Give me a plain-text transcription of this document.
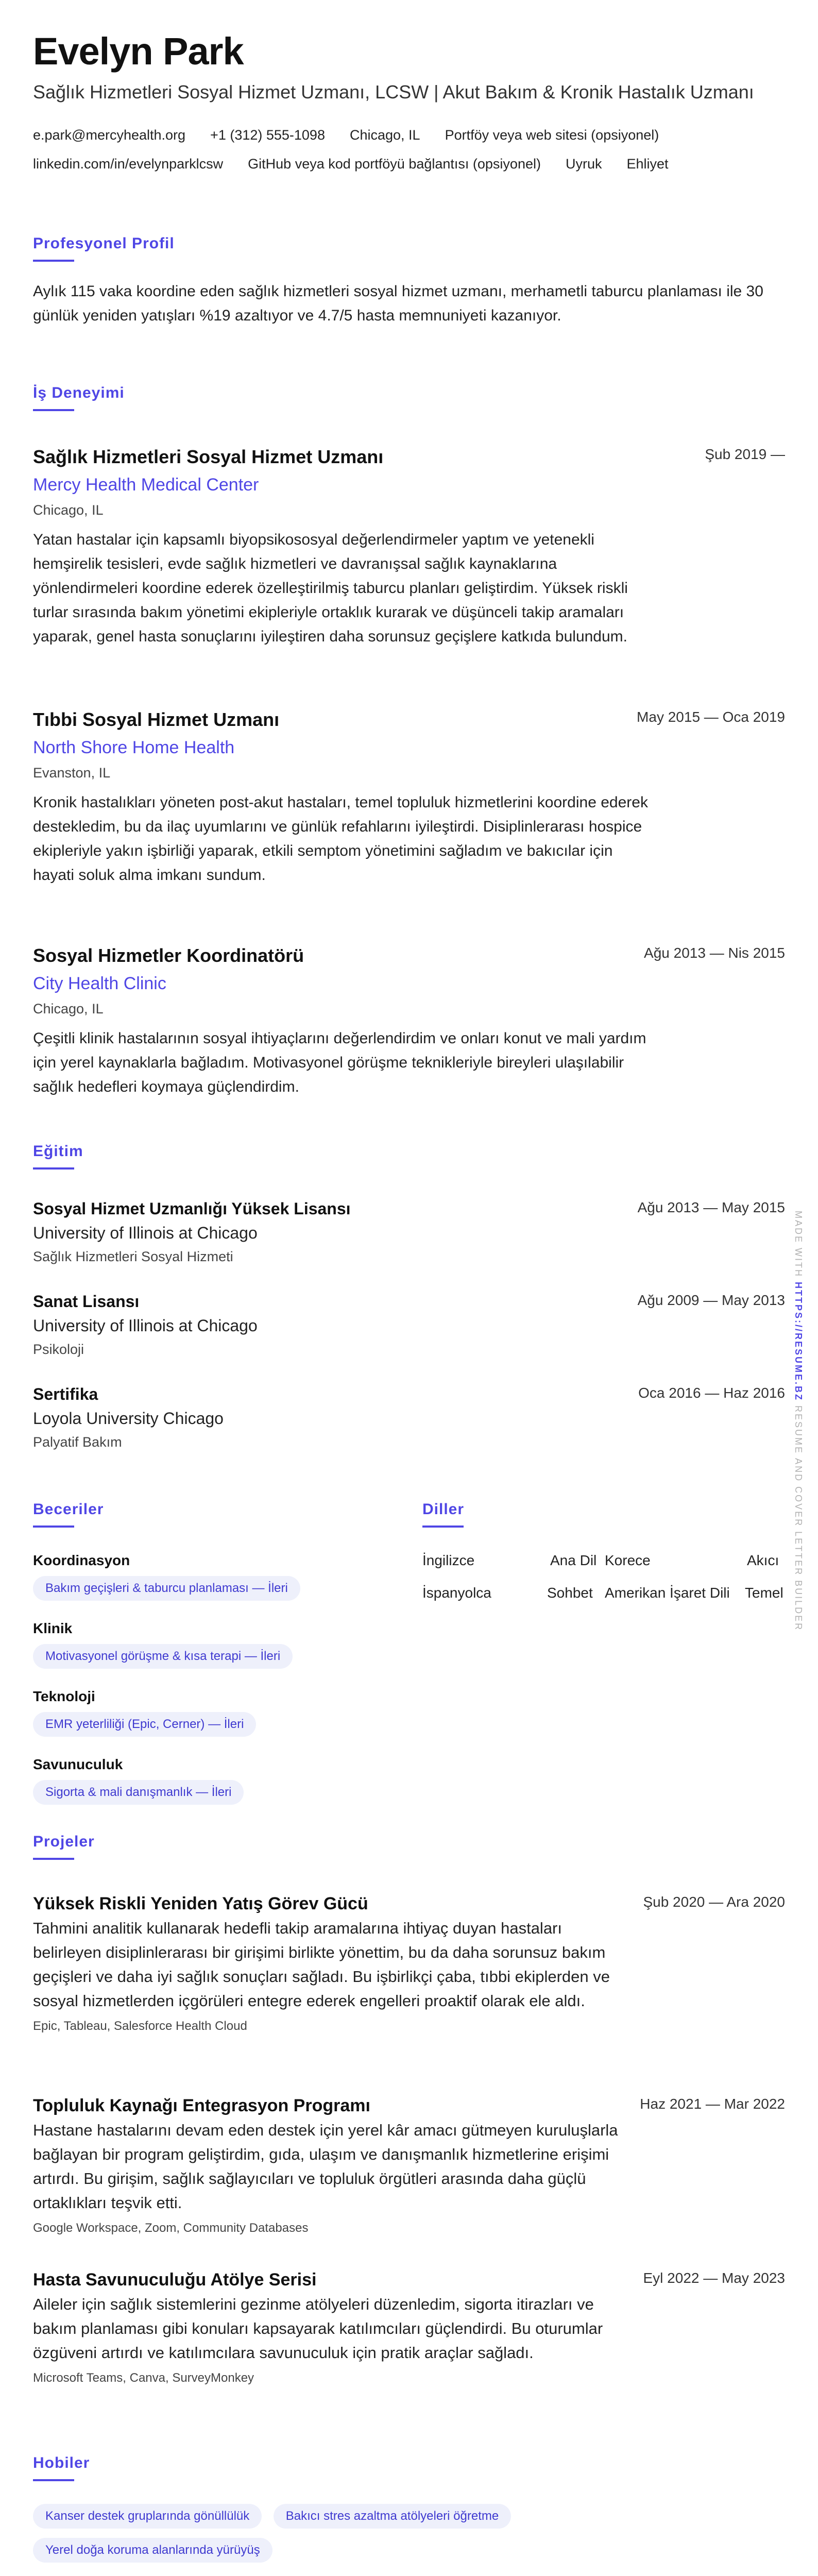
Evelyn Park
Sağlık Hizmetleri Sosyal Hizmet Uzmanı, LCSW | Akut Bakım & Kronik Hastalık Uzmanı
e.park@mercyhealth.org +1 (312) 555-1098 Chicago, IL Portföy veya web sitesi (opsiyonel)
linkedin.com/in/evelynparklcsw GitHub veya kod portföyü bağlantısı (opsiyonel) Uyruk Ehliyet
Profesyonel Profil
Aylık 115 vaka koordine eden sağlık hizmetleri sosyal hizmet uzmanı, merhametli taburcu planlaması ile 30 günlük yeniden yatışları %19 azaltıyor ve 4.7/5 hasta memnuniyeti kazanıyor.
İş Deneyimi
Sağlık Hizmetleri Sosyal Hizmet Uzmanı
Mercy Health Medical Center
Chicago, IL
Yatan hastalar için kapsamlı biyopsikososyal değerlendirmeler yaptım ve yetenekli hemşirelik tesisleri, evde sağlık hizmetleri ve davranışsal sağlık kaynaklarına yönlendirmeleri koordine ederek özelleştirilmiş taburcu planları geliştirdim. Yüksek riskli turlar sırasında bakım yönetimi ekipleriyle ortaklık kurarak ve düşünceli takip aramaları yaparak, genel hasta sonuçlarını iyileştiren daha sorunsuz geçişlere katkıda bulundum.
Şub 2019 —
Tıbbi Sosyal Hizmet Uzmanı
North Shore Home Health
Evanston, IL
Kronik hastalıkları yöneten post-akut hastaları, temel topluluk hizmetlerini koordine ederek destekledim, bu da ilaç uyumlarını ve günlük refahlarını iyileştirdi. Disiplinlerarası hospice ekipleriyle yakın işbirliği yaparak, etkili semptom yönetimini sağladım ve bakıcılar için hayati soluk alma imkanı sundum.
May 2015 — Oca 2019
Sosyal Hizmetler Koordinatörü
City Health Clinic
Chicago, IL
Çeşitli klinik hastalarının sosyal ihtiyaçlarını değerlendirdim ve onları konut ve mali yardım için yerel kaynaklarla bağladım. Motivasyonel görüşme teknikleriyle bireyleri ulaşılabilir sağlık hedefleri koymaya güçlendirdim.
Ağu 2013 — Nis 2015
Eğitim
Sosyal Hizmet Uzmanlığı Yüksek Lisansı
University of Illinois at Chicago
Sağlık Hizmetleri Sosyal Hizmeti
Ağu 2013 — May 2015
Sanat Lisansı
University of Illinois at Chicago
Psikoloji
Ağu 2009 — May 2013
Sertifika
Loyola University Chicago
Palyatif Bakım
Oca 2016 — Haz 2016
Beceriler
Koordinasyon
Bakım geçişleri & taburcu planlaması — İleri
Klinik
Motivasyonel görüşme & kısa terapi — İleri
Teknoloji
EMR yeterliliği (Epic, Cerner) — İleri
Savunuculuk
Sigorta & mali danışmanlık — İleri
Diller
İngilizce	Ana Dil Korece	Akıcı
İspanyolca	Sohbet Amerikan İşaret Dili Temel
Projeler
Yüksek Riskli Yeniden Yatış Görev Gücü
Tahmini analitik kullanarak hedefli takip aramalarına ihtiyaç duyan hastaları belirleyen disiplinlerarası bir girişimi birlikte yönettim, bu da daha sorunsuz bakım geçişleri ve daha iyi sağlık sonuçları sağladı. Bu işbirlikçi çaba, tıbbi ekiplerden ve sosyal hizmetlerden içgörüleri entegre ederek engelleri proaktif olarak ele aldı.
Epic, Tableau, Salesforce Health Cloud
Şub 2020 — Ara 2020
Topluluk Kaynağı Entegrasyon Programı
Hastane hastalarını devam eden destek için yerel kâr amacı gütmeyen kuruluşlarla bağlayan bir program geliştirdim, gıda, ulaşım ve danışmanlık hizmetlerine erişimi artırdı. Bu girişim, sağlık sağlayıcıları ve topluluk örgütleri arasında daha güçlü ortaklıkları teşvik etti.
Google Workspace, Zoom, Community Databases
Haz 2021 — Mar 2022
Hasta Savunuculuğu Atölye Serisi
Aileler için sağlık sistemlerini gezinme atölyeleri düzenledim, sigorta itirazları ve bakım planlaması gibi konuları kapsayarak katılımcıları güçlendirdi. Bu oturumlar özgüveni artırdı ve katılımcılara savunuculuk için pratik araçlar sağladı.
Microsoft Teams, Canva, SurveyMonkey
Eyl 2022 — May 2023
Hobiler
Kanser destek gruplarında gönüllülük	Bakıcı stres azaltma atölyeleri öğretme
Yerel doğa koruma alanlarında yürüyüş
MADE WITH HTTPS://RESUME.BZ RESUME AND COVER LETTER BUILDER
